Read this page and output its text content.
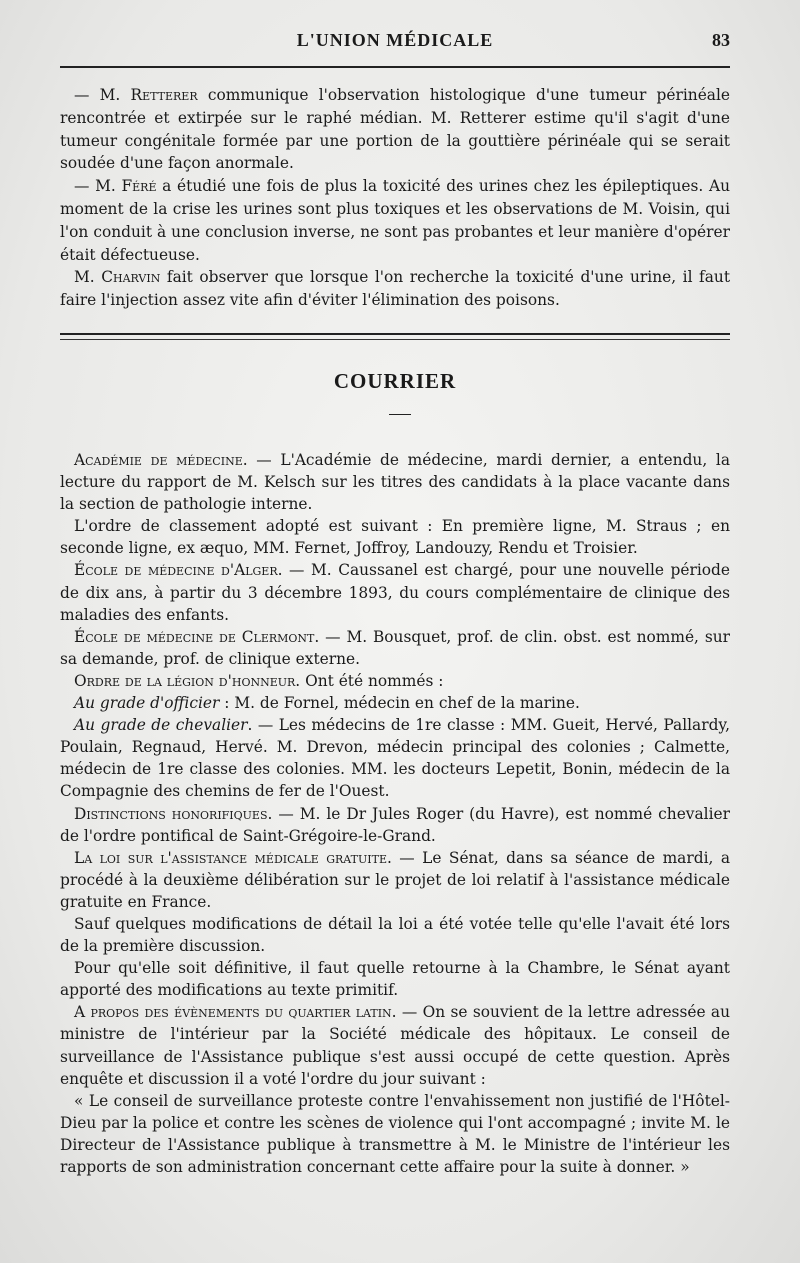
L'UNION MÉDICALE	83

— M. Retterer communique l'observation histologique d'une tumeur périnéale rencontrée et extirpée sur le raphé médian. M. Retterer estime qu'il s'agit d'une tumeur congénitale formée par une portion de la gouttière périnéale qui se serait soudée d'une façon anormale.

— M. Féré a étudié une fois de plus la toxicité des urines chez les épileptiques. Au moment de la crise les urines sont plus toxiques et les observations de M. Voisin, qui l'on conduit à une conclusion inverse, ne sont pas probantes et leur manière d'opérer était défectueuse.

M. Charvin fait observer que lorsque l'on recherche la toxicité d'une urine, il faut faire l'injection assez vite afin d'éviter l'élimination des poisons.

COURRIER

Académie de médecine. — L'Académie de médecine, mardi dernier, a entendu, la lecture du rapport de M. Kelsch sur les titres des candidats à la place vacante dans la section de pathologie interne.

L'ordre de classement adopté est suivant : En première ligne, M. Straus ; en seconde ligne, ex æquo, MM. Fernet, Joffroy, Landouzy, Rendu et Troisier.

École de médecine d'Alger. — M. Caussanel est chargé, pour une nouvelle période de dix ans, à partir du 3 décembre 1893, du cours complémentaire de clinique des maladies des enfants.

École de médecine de Clermont. — M. Bousquet, prof. de clin. obst. est nommé, sur sa demande, prof. de clinique externe.

Ordre de la légion d'honneur. Ont été nommés :

Au grade d'officier : M. de Fornel, médecin en chef de la marine.

Au grade de chevalier. — Les médecins de 1re classe : MM. Gueit, Hervé, Pallardy, Poulain, Regnaud, Hervé. M. Drevon, médecin principal des colonies ; Calmette, médecin de 1re classe des colonies. MM. les docteurs Lepetit, Bonin, médecin de la Compagnie des chemins de fer de l'Ouest.

Distinctions honorifiques. — M. le Dr Jules Roger (du Havre), est nommé chevalier de l'ordre pontifical de Saint-Grégoire-le-Grand.

La loi sur l'assistance médicale gratuite. — Le Sénat, dans sa séance de mardi, a procédé à la deuxième délibération sur le projet de loi relatif à l'assistance médicale gratuite en France.

Sauf quelques modifications de détail la loi a été votée telle qu'elle l'avait été lors de la première discussion.

Pour qu'elle soit définitive, il faut quelle retourne à la Chambre, le Sénat ayant apporté des modifications au texte primitif.

A propos des évènements du quartier latin. — On se souvient de la lettre adressée au ministre de l'intérieur par la Société médicale des hôpitaux. Le conseil de surveillance de l'Assistance publique s'est aussi occupé de cette question. Après enquête et discussion il a voté l'ordre du jour suivant :

« Le conseil de surveillance proteste contre l'envahissement non justifié de l'Hôtel-Dieu par la police et contre les scènes de violence qui l'ont accompagné ; invite M. le Directeur de l'Assistance publique à transmettre à M. le Ministre de l'intérieur les rapports de son administration concernant cette affaire pour la suite à donner. »
